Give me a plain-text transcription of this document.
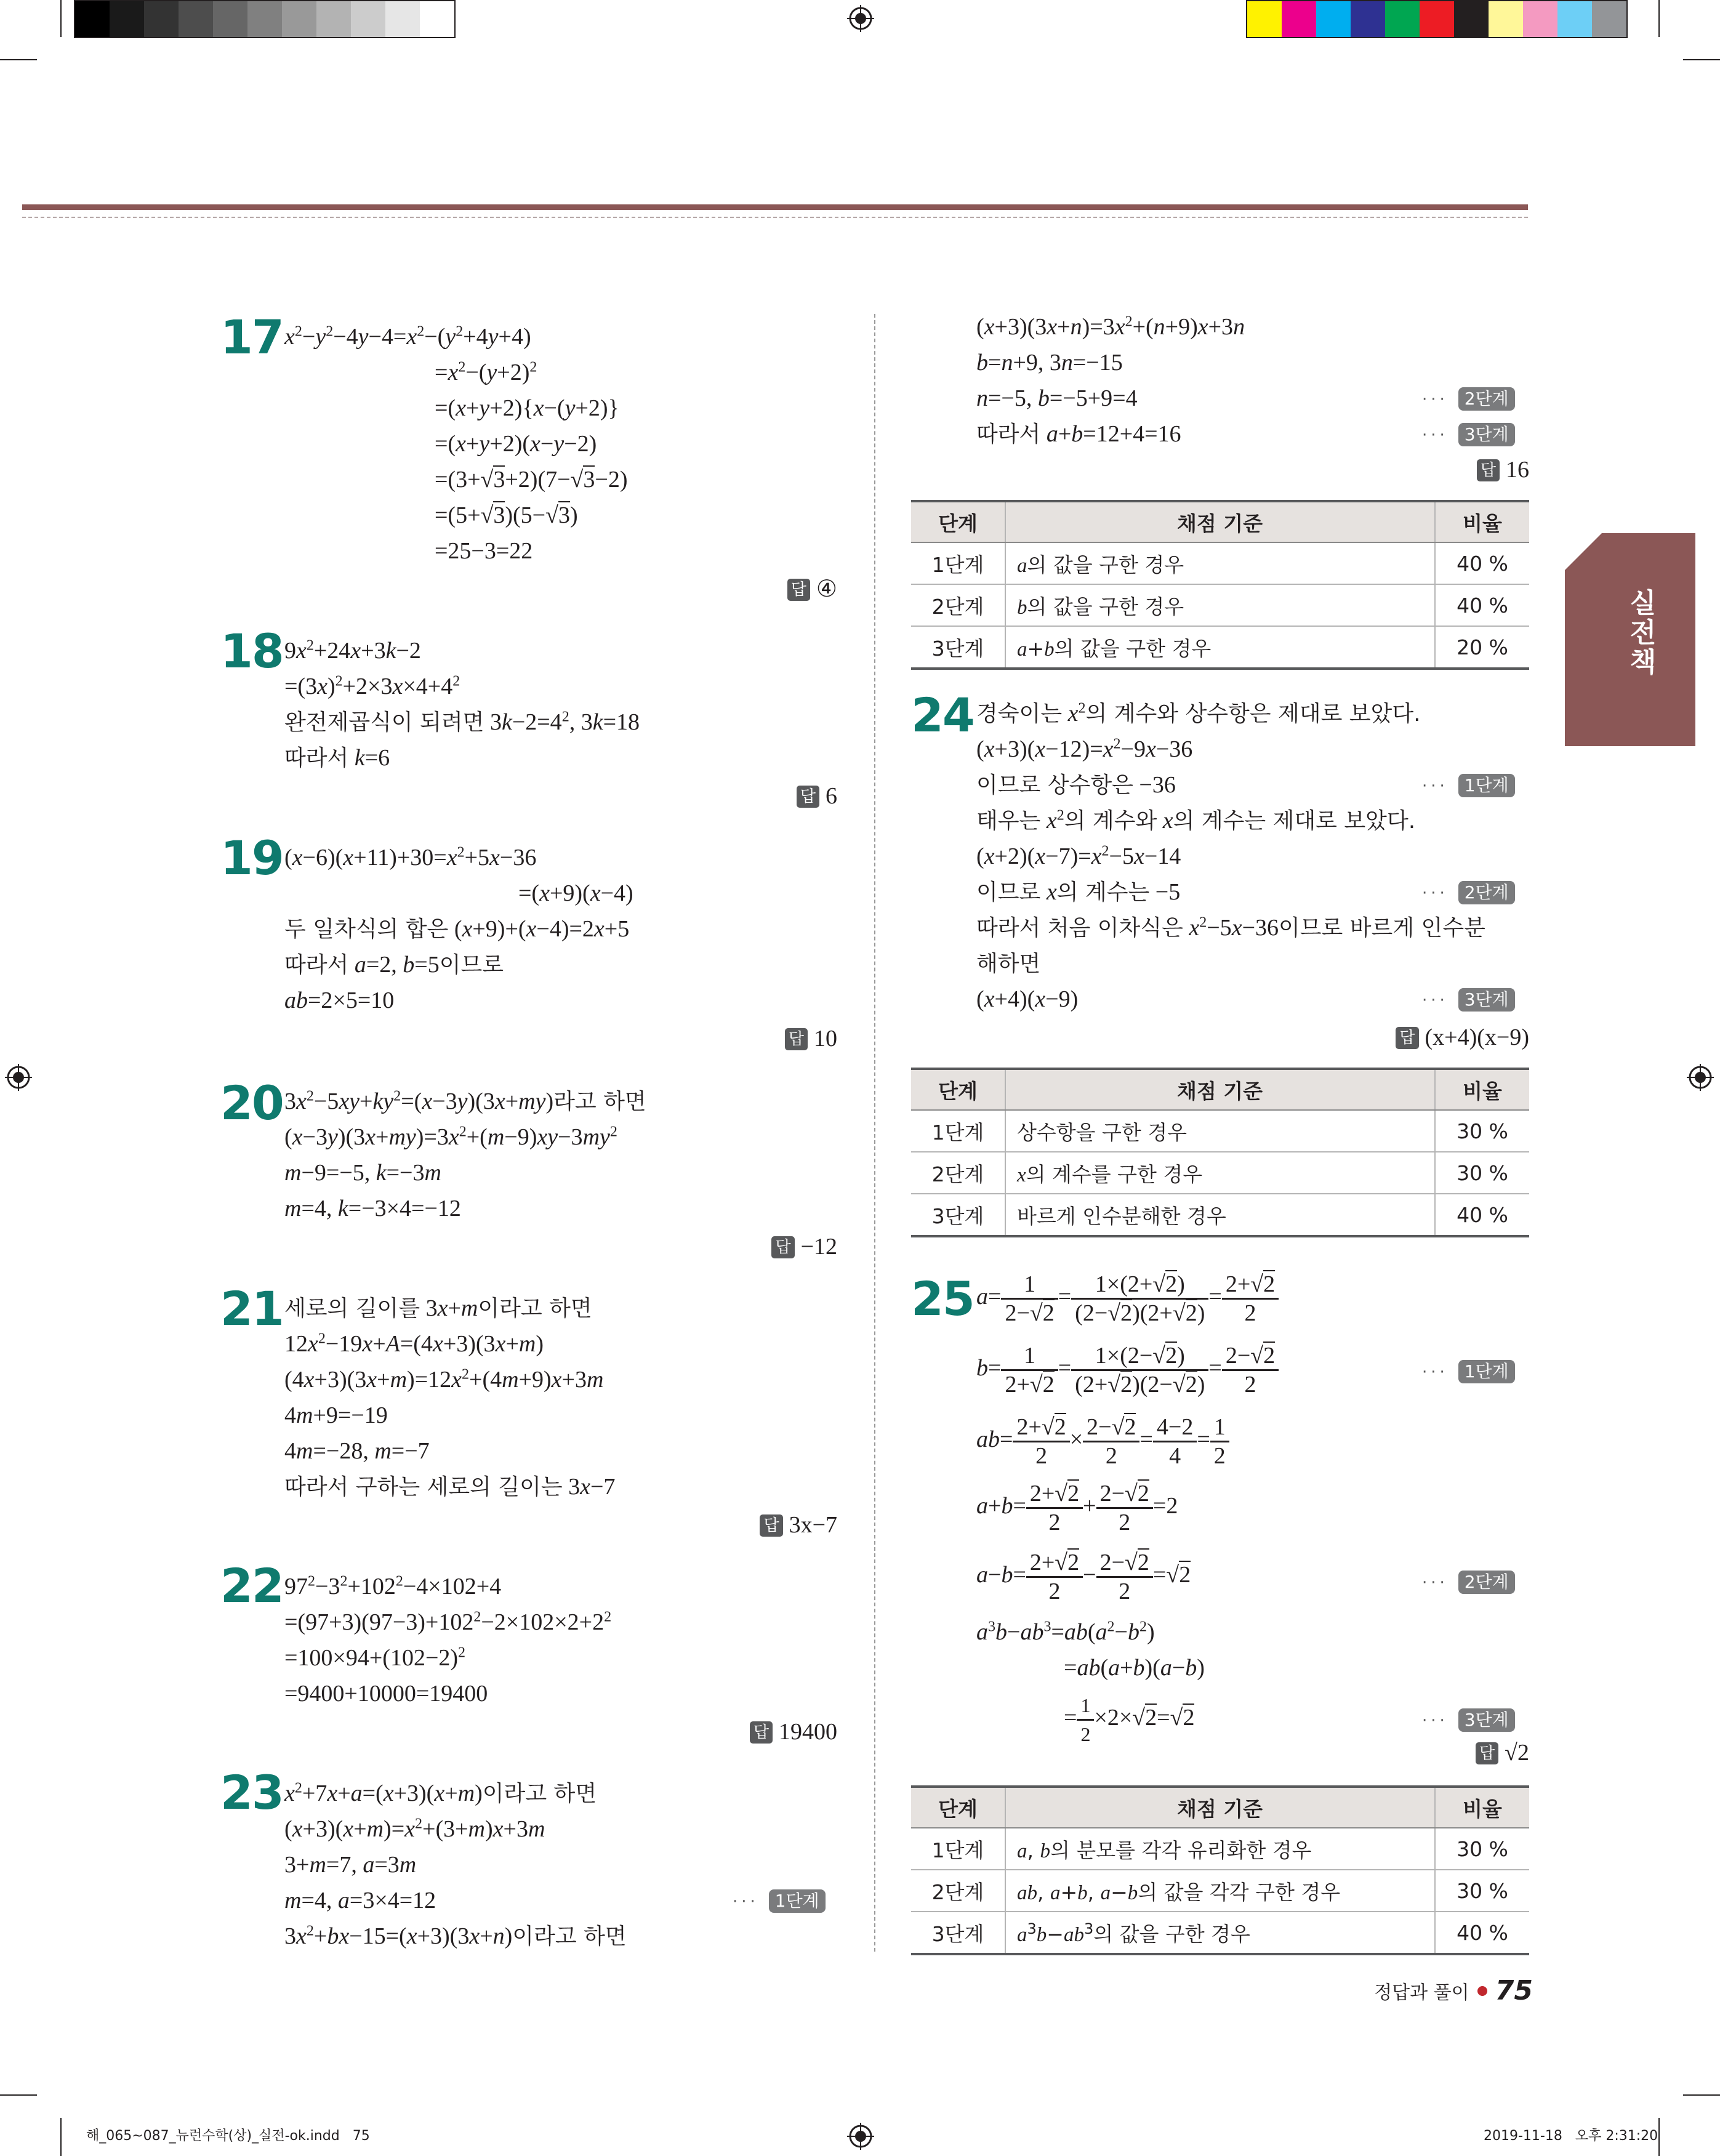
실전책
17 $x^2-y^2-4y-4=x^2-(y^2+4y+4)$
$=x^2-(y+2)^2$
=(x+y+2){x−(y+2)}
=(x+y+2)(x−y−2)
=(3+√3+2)(7−√3−2)
=(5+√3)(5−√3)
=25−3=22
답 ④
18 $9x^2+24x+3k-2$
$=(3x)^2+2\times 3x\times 4+4^2$
완전제곱식이 되려면 $3k-2=4^2$, 3k=18
따라서 k=6
답 6
19 $(x-6)(x+11)+30=x^2+5x-36$
=(x+9)(x−4)
두 일차식의 합은 (x+9)+(x−4)=2x+5
따라서 a=2, b=5이므로
ab=2×5=10
답 10
20 $3x^2-5xy+ky^2=(x-3y)(3x+my)$라고 하면
$(x-3y)(3x+my)=3x^2+(m-9)xy-3my^2$
m−9=−5, k=−3m
m=4, k=−3×4=−12
답 −12
21 세로의 길이를 3x+m이라고 하면
$12x^2-19x+A=(4x+3)(3x+m)$
$(4x+3)(3x+m)=12x^2+(4m+9)x+3m$
4m+9=−19
4m=−28, m=−7
따라서 구하는 세로의 길이는 3x−7
답 3x−7
22 $97^2-3^2+102^2-4\times 102+4$
$=(97+3)(97-3)+102^2-2\times 102\times 2+2^2$
$=100\times 94+(102-2)^2$
=9400+10000=19400
답 19400
23 $x^2+7x+a=(x+3)(x+m)$이라고 하면
$(x+3)(x+m)=x^2+(3+m)x+3m$
3+m=7, a=3m
m=4, a=3×4=12	··· 1단계
$3x^2+bx-15=(x+3)(3x+n)$이라고 하면
$(x+3)(3x+n)=3x^2+(n+9)x+3n$
b=n+9, 3n=−15
n=−5, b=−5+9=4	··· 2단계
따라서 a+b=12+4=16	··· 3단계
답 16
단계	채점 기준	비율
1단계	a의 값을 구한 경우	40 %
2단계	b의 값을 구한 경우	40 %
3단계	a+b의 값을 구한 경우	20 %
24 경숙이는 $x^2$의 계수와 상수항은 제대로 보았다.
$(x+3)(x-12)=x^2-9x-36$
이므로 상수항은 −36	··· 1단계
태우는 $x^2$의 계수와 x의 계수는 제대로 보았다.
$(x+2)(x-7)=x^2-5x-14$
이므로 x의 계수는 −5	··· 2단계
따라서 처음 이차식은 $x^2-5x-36$이므로 바르게 인수분
해하면
(x+4)(x−9)	··· 3단계
답 (x+4)(x−9)
단계	채점 기준	비율
1단계	상수항을 구한 경우	30 %
2단계	x의 계수를 구한 경우	30 %
3단계	바르게 인수분해한 경우	40 %
25 $a= \frac{1}{2-√2} = \frac{1\times(2+√2)}{(2-√2)(2+√2)} = \frac{2+√2}{2}$
$b= \frac{1}{2+√2} = \frac{1\times(2-√2)}{(2+√2)(2-√2)} = \frac{2-√2}{2}$	··· 1단계
$ab= \frac{2+√2}{2} \times \frac{2-√2}{2} = \frac{4-2}{4} = \frac{1}{2}$
$a+b= \frac{2+√2}{2} + \frac{2-√2}{2} =2$
$a-b= \frac{2+√2}{2} - \frac{2-√2}{2} =√2$	··· 2단계
$a^3b-ab^3=ab(a^2-b^2)$
=ab(a+b)(a−b)
= $\frac{1}{2} \times 2\times√2=√2$	··· 3단계
답 √2
단계	채점 기준	비율
1단계	a, b의 분모를 각각 유리화한 경우	30 %
2단계	ab, a+b, a−b의 값을 각각 구한 경우	30 %
3단계	$a^3b-ab^3$의 값을 구한 경우	40 %
정답과 풀이 75
해_065~087_뉴런수학(상)_실전-ok.indd   75	2019-11-18   오후 2:31:20
